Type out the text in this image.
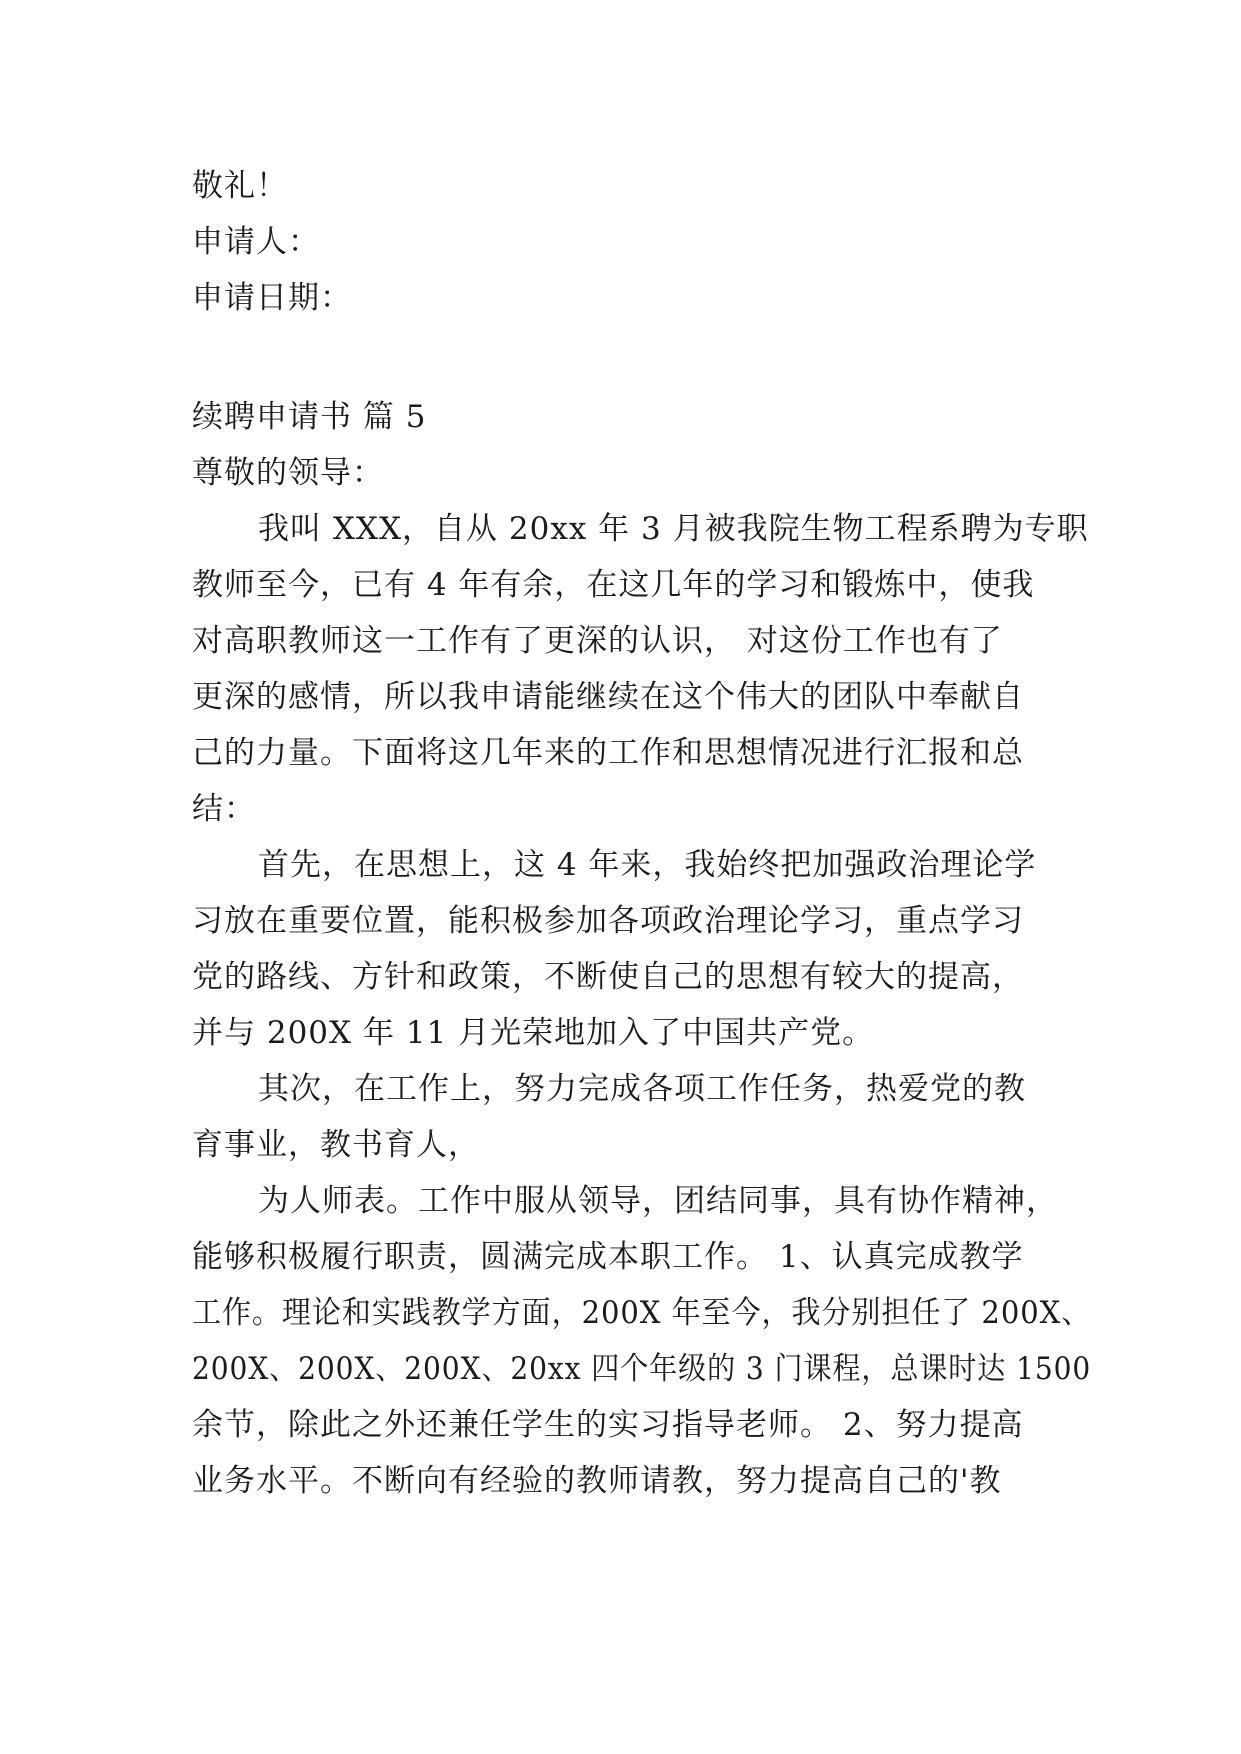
敬礼！
申请人：
申请日期：
续聘申请书 篇 5
尊敬的领导：
我叫 XXX，自从 20xx 年 3 月被我院生物工程系聘为专职
教师至今，已有 4 年有余，在这几年的学习和锻炼中，使我
对高职教师这一工作有了更深的认识， 对这份工作也有了
更深的感情，所以我申请能继续在这个伟大的团队中奉献自
己的力量。下面将这几年来的工作和思想情况进行汇报和总
结：
首先，在思想上，这 4 年来，我始终把加强政治理论学
习放在重要位置，能积极参加各项政治理论学习，重点学习
党的路线、方针和政策，不断使自己的思想有较大的提高，
并与 200X 年 11 月光荣地加入了中国共产党。
其次，在工作上，努力完成各项工作任务，热爱党的教
育事业，教书育人，
为人师表。工作中服从领导，团结同事，具有协作精神，
能够积极履行职责，圆满完成本职工作。 1、认真完成教学
工作。理论和实践教学方面，200X 年至今，我分别担任了 200X、
200X、200X、200X、20xx 四个年级的 3 门课程，总课时达 1500
余节，除此之外还兼任学生的实习指导老师。 2、努力提高
业务水平。不断向有经验的教师请教，努力提高自己的'教
